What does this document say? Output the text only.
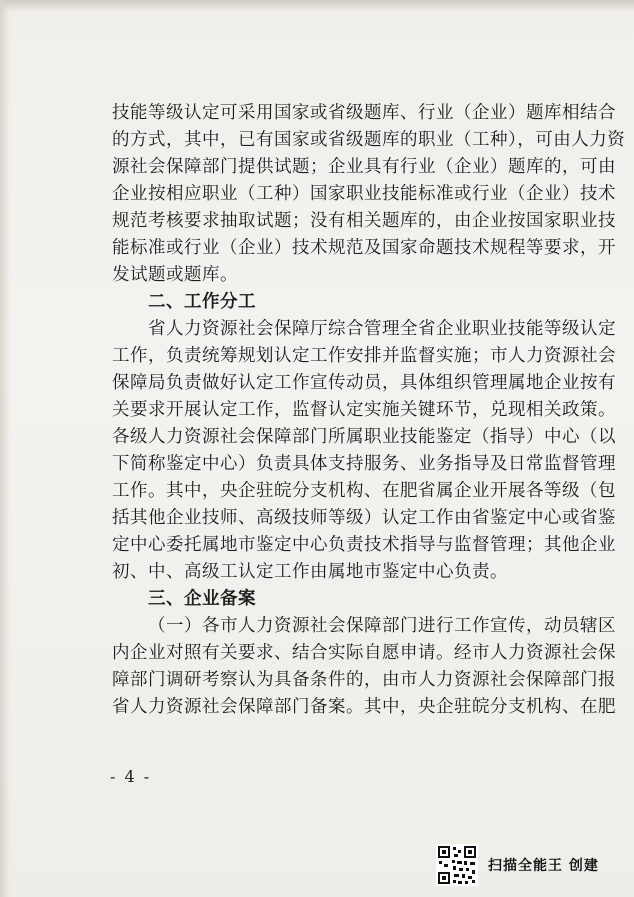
技能等级认定可采用国家或省级题库、行业（企业）题库相结合
的方式，其中，已有国家或省级题库的职业（工种），可由人力资
源社会保障部门提供试题；企业具有行业（企业）题库的，可由
企业按相应职业（工种）国家职业技能标准或行业（企业）技术
规范考核要求抽取试题；没有相关题库的，由企业按国家职业技
能标准或行业（企业）技术规范及国家命题技术规程等要求，开
发试题或题库。
二、工作分工
省人力资源社会保障厅综合管理全省企业职业技能等级认定
工作，负责统筹规划认定工作安排并监督实施；市人力资源社会
保障局负责做好认定工作宣传动员，具体组织管理属地企业按有
关要求开展认定工作，监督认定实施关键环节，兑现相关政策。
各级人力资源社会保障部门所属职业技能鉴定（指导）中心（以
下简称鉴定中心）负责具体支持服务、业务指导及日常监督管理
工作。其中，央企驻皖分支机构、在肥省属企业开展各等级（包
括其他企业技师、高级技师等级）认定工作由省鉴定中心或省鉴
定中心委托属地市鉴定中心负责技术指导与监督管理；其他企业
初、中、高级工认定工作由属地市鉴定中心负责。
三、企业备案
（一）各市人力资源社会保障部门进行工作宣传，动员辖区
内企业对照有关要求、结合实际自愿申请。经市人力资源社会保
障部门调研考察认为具备条件的，由市人力资源社会保障部门报
省人力资源社会保障部门备案。其中，央企驻皖分支机构、在肥
- 4 -
扫描全能王 创建
